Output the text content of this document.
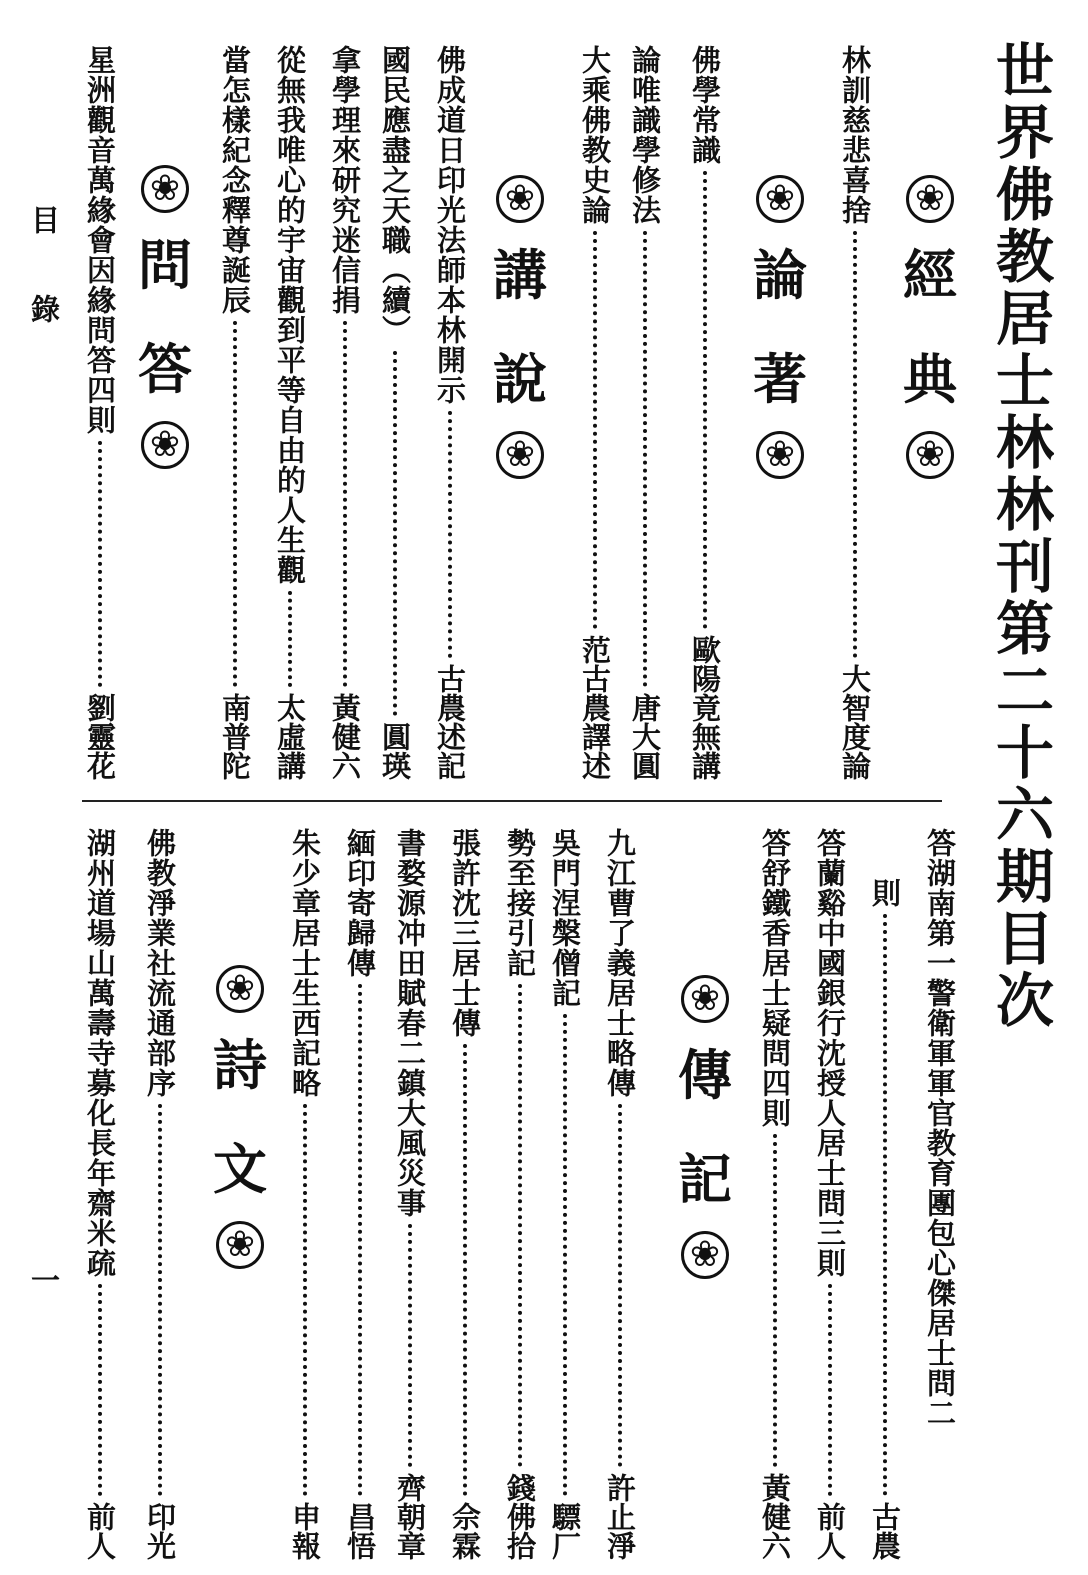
世界佛教居士林林刊第二十六期目次
目錄
一
❀
經
典
❀
❀
論
著
❀
❀
講
說
❀
❀
問
答
❀
❀
傳
記
❀
❀
詩
文
❀
林訓慈悲喜捨
大智度論
佛學常識
歐陽竟無講
論唯識學修法
唐大圓
大乘佛教史論
范古農譯述
佛成道日印光法師本林開示
古農述記
國民應盡之天職（續）
圓瑛
拿學理來研究迷信捐
黃健六
從無我唯心的宇宙觀到平等自由的人生觀
太虛講
當怎樣紀念釋尊誕辰
南普陀
星洲觀音萬緣會因緣問答四則
劉靈花
答湖南第一警衛軍軍官教育團包心傑居士問二
則
古農
答蘭谿中國銀行沈授人居士問三則
前人
答舒鐵香居士疑問四則
黃健六
九江曹了義居士略傳
許止淨
吳門涅槃僧記
驃厂
勢至接引記
錢佛拾
張許沈三居士傳
佘霖
書婺源冲田賦春二鎮大風災事
齊朝章
緬印寄歸傳
昌悟
朱少章居士生西記略
申報
佛教淨業社流通部序
印光
湖州道場山萬壽寺募化長年齋米疏
前人
